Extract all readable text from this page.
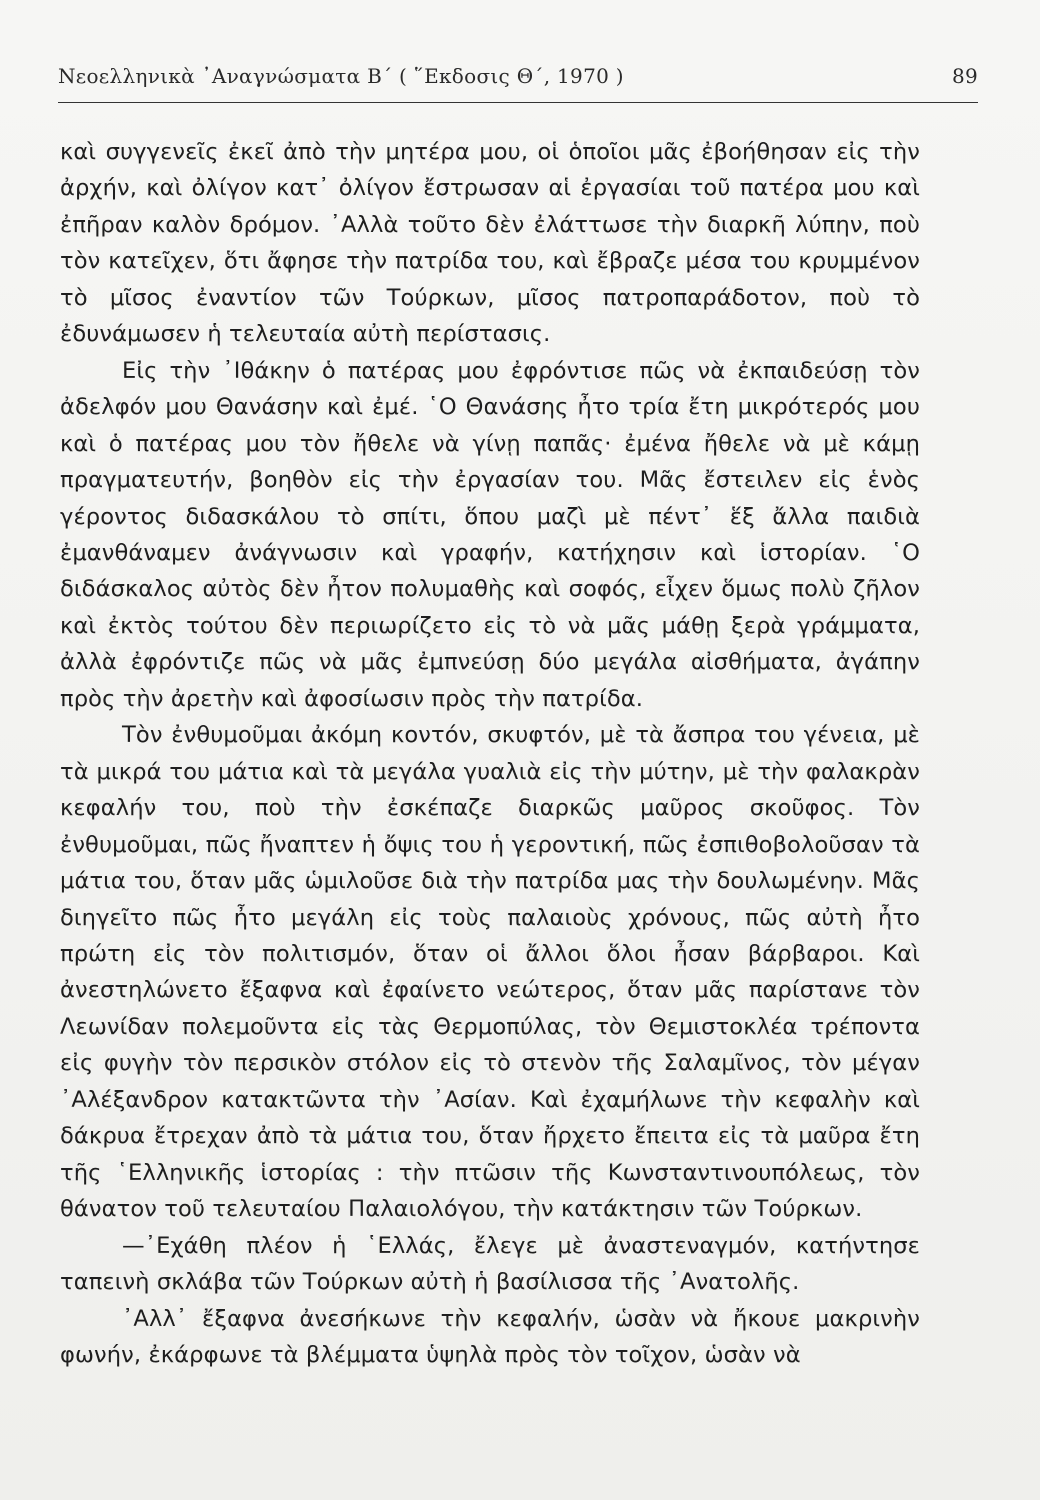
Νεοελληνικὰ ᾿Αναγνώσματα Β΄ ( ῞Εκδοσις Θ΄, 1970 )	89

καὶ συγγενεῖς ἐκεῖ ἀπὸ τὴν μητέρα μου, οἱ ὁποῖοι μᾶς ἐβοήθησαν εἰς τὴν ἀρχήν, καὶ ὀλίγον κατ᾿ ὀλίγον ἔστρωσαν αἱ ἐργασίαι τοῦ πατέρα μου καὶ ἐπῆραν καλὸν δρόμον. ᾿Αλλὰ τοῦτο δὲν ἐλάττωσε τὴν διαρκῆ λύπην, ποὺ τὸν κατεῖχεν, ὅτι ἄφησε τὴν πατρίδα του, καὶ ἔβραζε μέσα του κρυμμένον τὸ μῖσος ἐναντίον τῶν Τούρκων, μῖσος πατροπαράδοτον, ποὺ τὸ ἐδυνάμωσεν ἡ τελευταία αὐτὴ περίστασις.

Εἰς τὴν ᾿Ιθάκην ὁ πατέρας μου ἐφρόντισε πῶς νὰ ἐκπαιδεύσῃ τὸν ἀδελφόν μου Θανάσην καὶ ἐμέ. ῾Ο Θανάσης ἦτο τρία ἔτη μικρότερός μου καὶ ὁ πατέρας μου τὸν ἤθελε νὰ γίνῃ παπᾶς· ἐμένα ἤθελε νὰ μὲ κάμῃ πραγματευτήν, βοηθὸν εἰς τὴν ἐργασίαν του. Μᾶς ἔστειλεν εἰς ἑνὸς γέροντος διδασκάλου τὸ σπίτι, ὅπου μαζὶ μὲ πέντ᾿ ἕξ ἄλλα παιδιὰ ἐμανθάναμεν ἀνάγνωσιν καὶ γραφήν, κατήχησιν καὶ ἱστορίαν. ῾Ο διδάσκαλος αὐτὸς δὲν ἦτον πολυμαθὴς καὶ σοφός, εἶχεν ὅμως πολὺ ζῆλον καὶ ἐκτὸς τούτου δὲν περιωρίζετο εἰς τὸ νὰ μᾶς μάθῃ ξερὰ γράμματα, ἀλλὰ ἐφρόντιζε πῶς νὰ μᾶς ἐμπνεύσῃ δύο μεγάλα αἰσθήματα, ἀγάπην πρὸς τὴν ἀρετὴν καὶ ἀφοσίωσιν πρὸς τὴν πατρίδα.

Τὸν ἐνθυμοῦμαι ἀκόμη κοντόν, σκυφτόν, μὲ τὰ ἄσπρα του γένεια, μὲ τὰ μικρά του μάτια καὶ τὰ μεγάλα γυαλιὰ εἰς τὴν μύτην, μὲ τὴν φαλακρὰν κεφαλήν του, ποὺ τὴν ἐσκέπαζε διαρκῶς μαῦρος σκοῦφος. Τὸν ἐνθυμοῦμαι, πῶς ἤναπτεν ἡ ὄψις του ἡ γεροντική, πῶς ἐσπιθοβολοῦσαν τὰ μάτια του, ὅταν μᾶς ὡμιλοῦσε διὰ τὴν πατρίδα μας τὴν δουλωμένην. Μᾶς διηγεῖτο πῶς ἦτο μεγάλη εἰς τοὺς παλαιοὺς χρόνους, πῶς αὐτὴ ἦτο πρώτη εἰς τὸν πολιτισμόν, ὅταν οἱ ἄλλοι ὅλοι ἦσαν βάρβαροι. Καὶ ἀνεστηλώνετο ἔξαφνα καὶ ἐφαίνετο νεώτερος, ὅταν μᾶς παρίστανε τὸν Λεωνίδαν πολεμοῦντα εἰς τὰς Θερμοπύλας, τὸν Θεμιστοκλέα τρέποντα εἰς φυγὴν τὸν περσικὸν στόλον εἰς τὸ στενὸν τῆς Σαλαμῖνος, τὸν μέγαν ᾿Αλέξανδρον κατακτῶντα τὴν ᾿Ασίαν. Καὶ ἐχαμήλωνε τὴν κεφαλὴν καὶ δάκρυα ἔτρεχαν ἀπὸ τὰ μάτια του, ὅταν ἤρχετο ἔπειτα εἰς τὰ μαῦρα ἔτη τῆς ῾Ελληνικῆς ἱστορίας : τὴν πτῶσιν τῆς Κωνσταντινουπόλεως, τὸν θάνατον τοῦ τελευταίου Παλαιολόγου, τὴν κατάκτησιν τῶν Τούρκων.

—᾿Εχάθη πλέον ἡ ῾Ελλάς, ἔλεγε μὲ ἀναστεναγμόν, κατήντησε ταπεινὴ σκλάβα τῶν Τούρκων αὐτὴ ἡ βασίλισσα τῆς ᾿Ανατολῆς.

᾿Αλλ᾿ ἔξαφνα ἀνεσήκωνε τὴν κεφαλήν, ὡσὰν νὰ ἤκουε μακρινὴν φωνήν, ἐκάρφωνε τὰ βλέμματα ὑψηλὰ πρὸς τὸν τοῖχον, ὡσὰν νὰ
